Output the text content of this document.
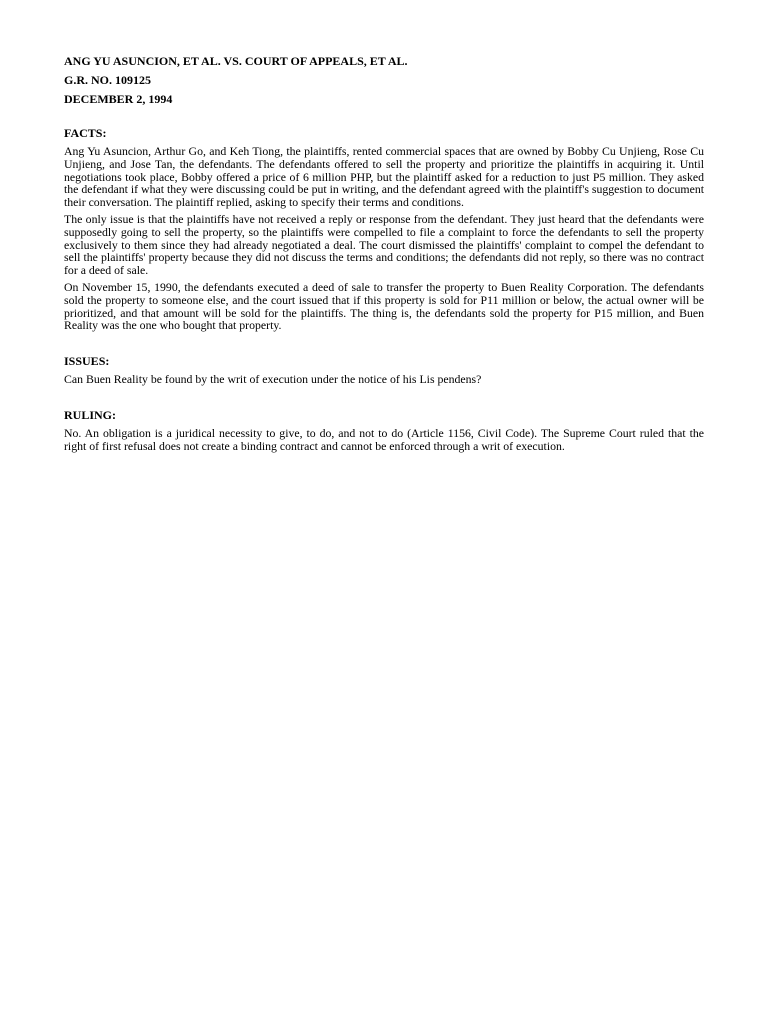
ANG YU ASUNCION, ET AL. VS. COURT OF APPEALS, ET AL.

G.R. NO. 109125

DECEMBER 2, 1994

FACTS:

Ang Yu Asuncion, Arthur Go, and Keh Tiong, the plaintiffs, rented commercial spaces that are owned by Bobby Cu Unjieng, Rose Cu Unjieng, and Jose Tan, the defendants. The defendants offered to sell the property and prioritize the plaintiffs in acquiring it. Until negotiations took place, Bobby offered a price of 6 million PHP, but the plaintiff asked for a reduction to just P5 million. They asked the defendant if what they were discussing could be put in writing, and the defendant agreed with the plaintiff's suggestion to document their conversation. The plaintiff replied, asking to specify their terms and conditions.

The only issue is that the plaintiffs have not received a reply or response from the defendant. They just heard that the defendants were supposedly going to sell the property, so the plaintiffs were compelled to file a complaint to force the defendants to sell the property exclusively to them since they had already negotiated a deal. The court dismissed the plaintiffs' complaint to compel the defendant to sell the plaintiffs' property because they did not discuss the terms and conditions; the defendants did not reply, so there was no contract for a deed of sale.

On November 15, 1990, the defendants executed a deed of sale to transfer the property to Buen Reality Corporation. The defendants sold the property to someone else, and the court issued that if this property is sold for P11 million or below, the actual owner will be prioritized, and that amount will be sold for the plaintiffs. The thing is, the defendants sold the property for P15 million, and Buen Reality was the one who bought that property.

ISSUES:

Can Buen Reality be found by the writ of execution under the notice of his Lis pendens?

RULING:

No. An obligation is a juridical necessity to give, to do, and not to do (Article 1156, Civil Code). The Supreme Court ruled that the right of first refusal does not create a binding contract and cannot be enforced through a writ of execution.
